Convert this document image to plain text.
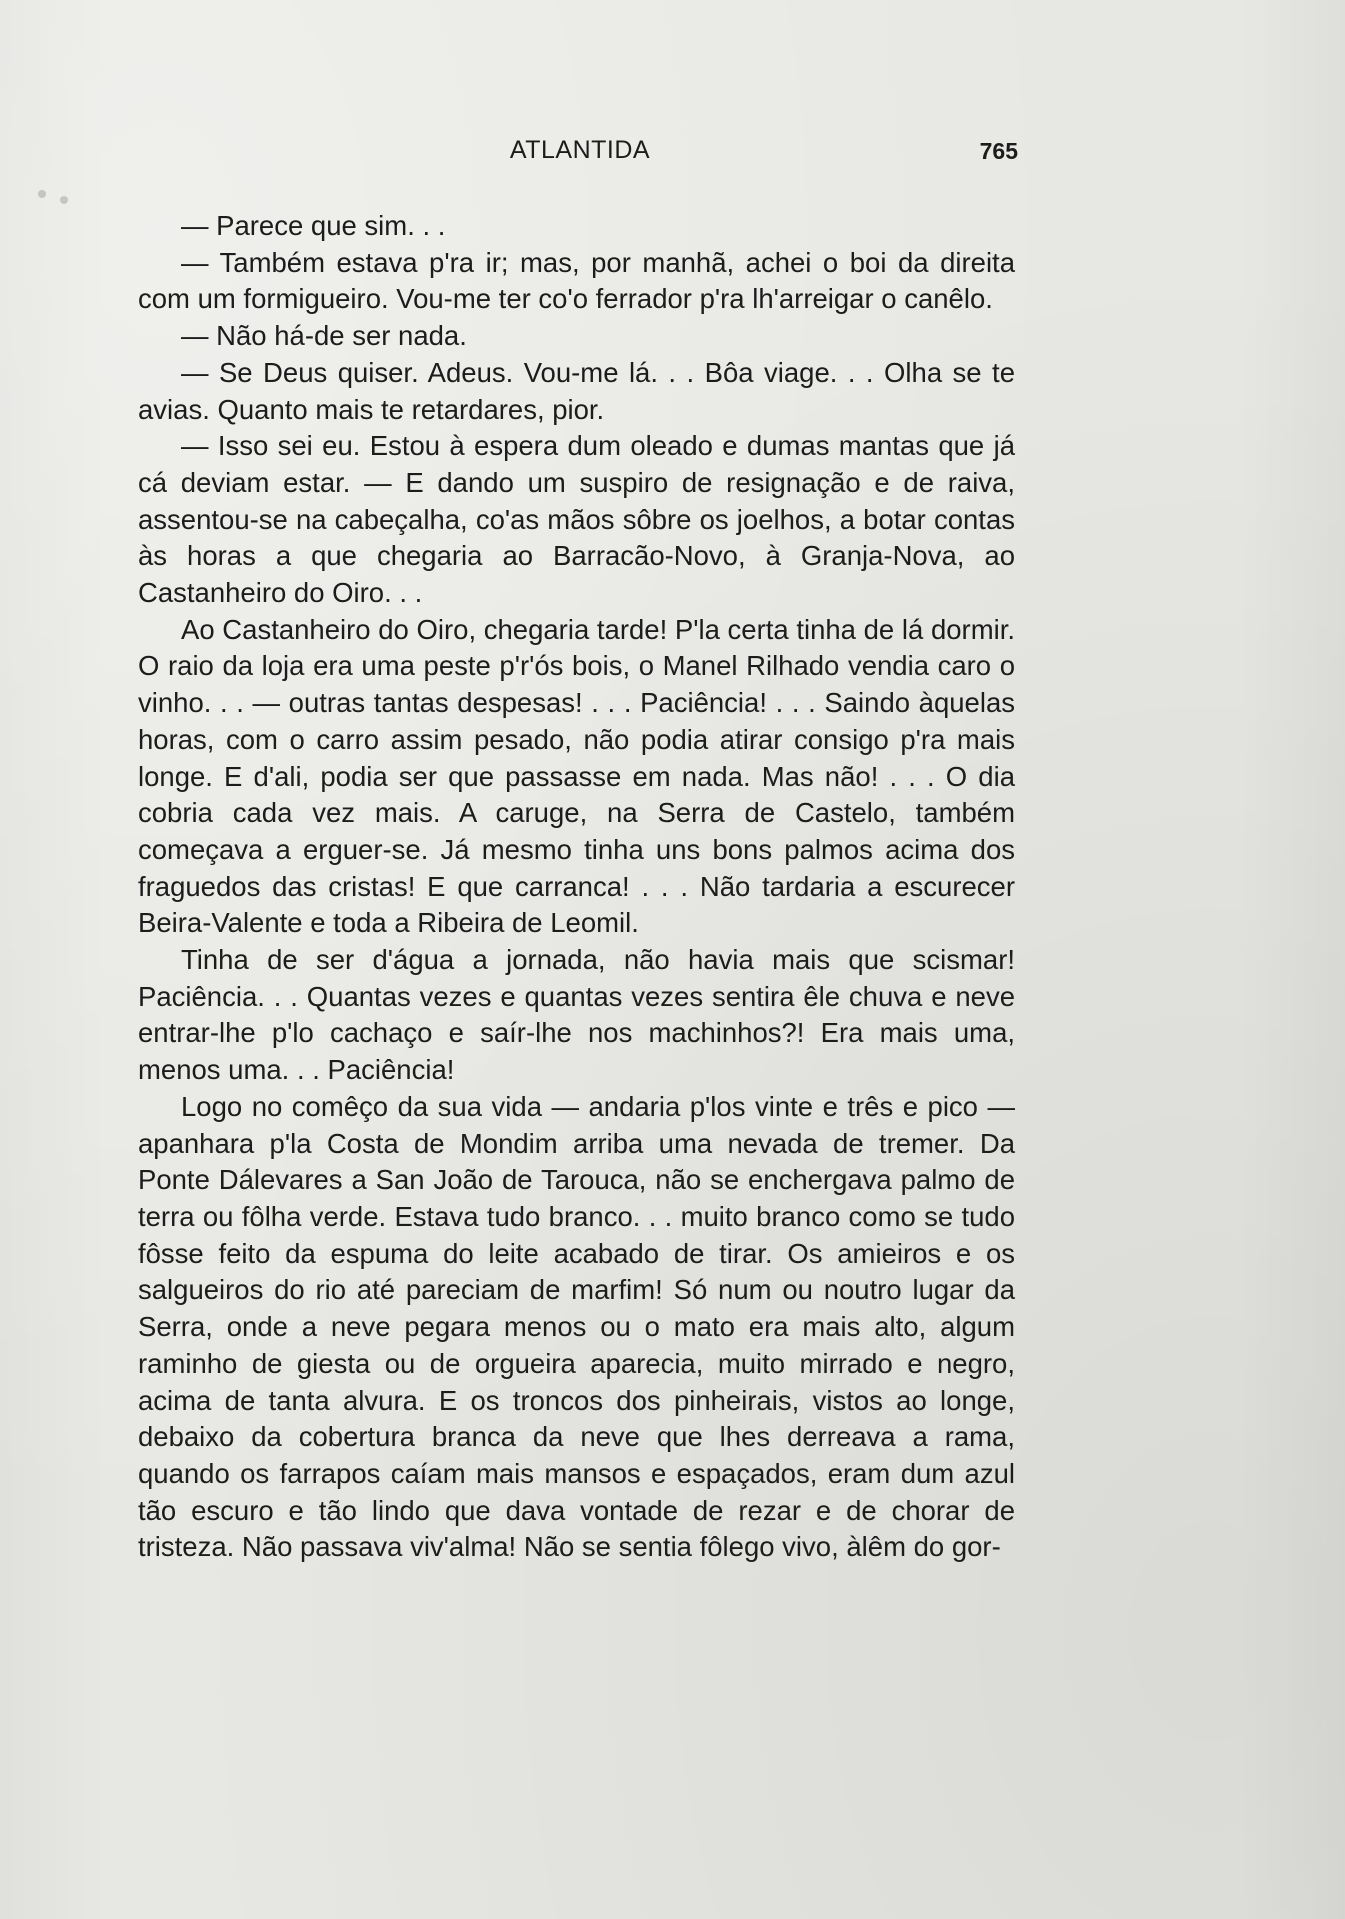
ATLANTIDA	765

— Parece que sim. . .

— Também estava p'ra ir; mas, por manhã, achei o boi da direita com um formigueiro. Vou-me ter co'o ferrador p'ra lh'arreigar o canêlo.

— Não há-de ser nada.

— Se Deus quiser. Adeus. Vou-me lá. . . Bôa viage. . . Olha se te avias. Quanto mais te retardares, pior.

— Isso sei eu. Estou à espera dum oleado e dumas mantas que já cá deviam estar. — E dando um suspiro de resignação e de raiva, assentou-se na cabeçalha, co'as mãos sôbre os joelhos, a botar contas às horas a que chegaria ao Barracão-Novo, à Granja-Nova, ao Castanheiro do Oiro. . .

Ao Castanheiro do Oiro, chegaria tarde! P'la certa tinha de lá dormir. O raio da loja era uma peste p'r'ós bois, o Manel Rilhado vendia caro o vinho. . . — outras tantas despesas! . . . Paciência! . . . Saindo àquelas horas, com o carro assim pesado, não podia atirar consigo p'ra mais longe. E d'ali, podia ser que passasse em nada. Mas não! . . . O dia cobria cada vez mais. A caruge, na Serra de Castelo, também começava a erguer-se. Já mesmo tinha uns bons palmos acima dos fraguedos das cristas! E que carranca! . . . Não tardaria a escurecer Beira-Valente e toda a Ribeira de Leomil.

Tinha de ser d'água a jornada, não havia mais que scismar! Paciência. . . Quantas vezes e quantas vezes sentira êle chuva e neve entrar-lhe p'lo cachaço e saír-lhe nos machinhos?! Era mais uma, menos uma. . . Paciência!

Logo no comêço da sua vida — andaria p'los vinte e três e pico — apanhara p'la Costa de Mondim arriba uma nevada de tremer. Da Ponte Dálevares a San João de Tarouca, não se enchergava palmo de terra ou fôlha verde. Estava tudo branco. . . muito branco como se tudo fôsse feito da espuma do leite acabado de tirar. Os amieiros e os salgueiros do rio até pareciam de marfim! Só num ou noutro lugar da Serra, onde a neve pegara menos ou o mato era mais alto, algum raminho de giesta ou de orgueira aparecia, muito mirrado e negro, acima de tanta alvura. E os troncos dos pinheirais, vistos ao longe, debaixo da cobertura branca da neve que lhes derreava a rama, quando os farrapos caíam mais mansos e espaçados, eram dum azul tão escuro e tão lindo que dava vontade de rezar e de chorar de tristeza. Não passava viv'alma! Não se sentia fôlego vivo, àlêm do gor-
